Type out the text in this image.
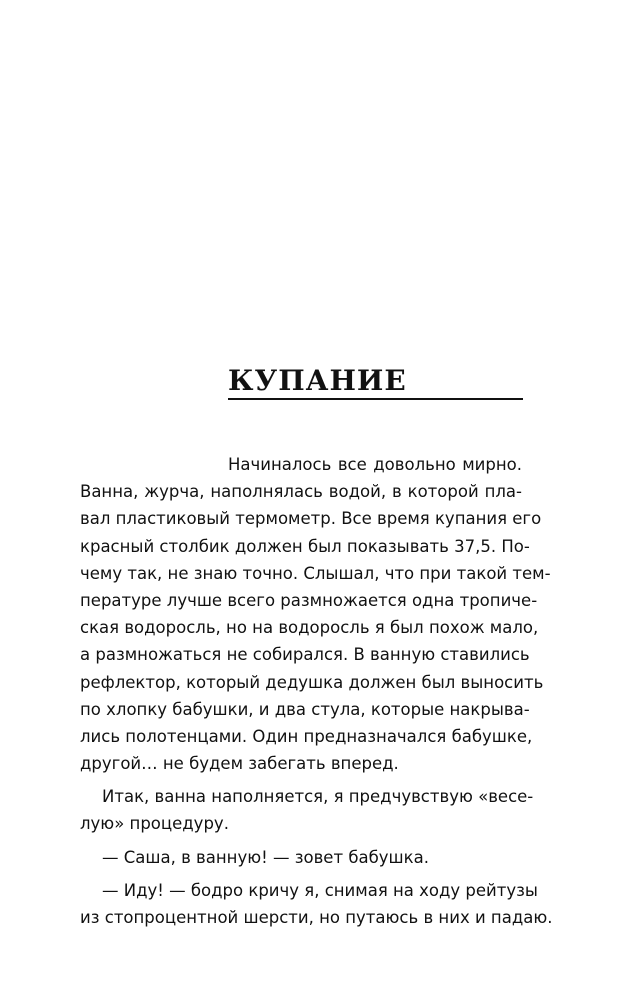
КУПАНИЕ
Начиналось все довольно мирно.
Ванна, журча, наполнялась водой, в которой пла-
вал пластиковый термометр. Все время купания его
красный столбик должен был показывать 37,5. По-
чему так, не знаю точно. Слышал, что при такой тем-
пературе лучше всего размножается одна тропиче-
ская водоросль, но на водоросль я был похож мало,
а размножаться не собирался. В ванную ставились
рефлектор, который дедушка должен был выносить
по хлопку бабушки, и два стула, которые накрыва-
лись полотенцами. Один предназначался бабушке,
другой… не будем забегать вперед.
Итак, ванна наполняется, я предчувствую «весе-
лую» процедуру.
— Саша, в ванную! — зовет бабушка.
— Иду! — бодро кричу я, снимая на ходу рейтузы
из стопроцентной шерсти, но путаюсь в них и падаю.
